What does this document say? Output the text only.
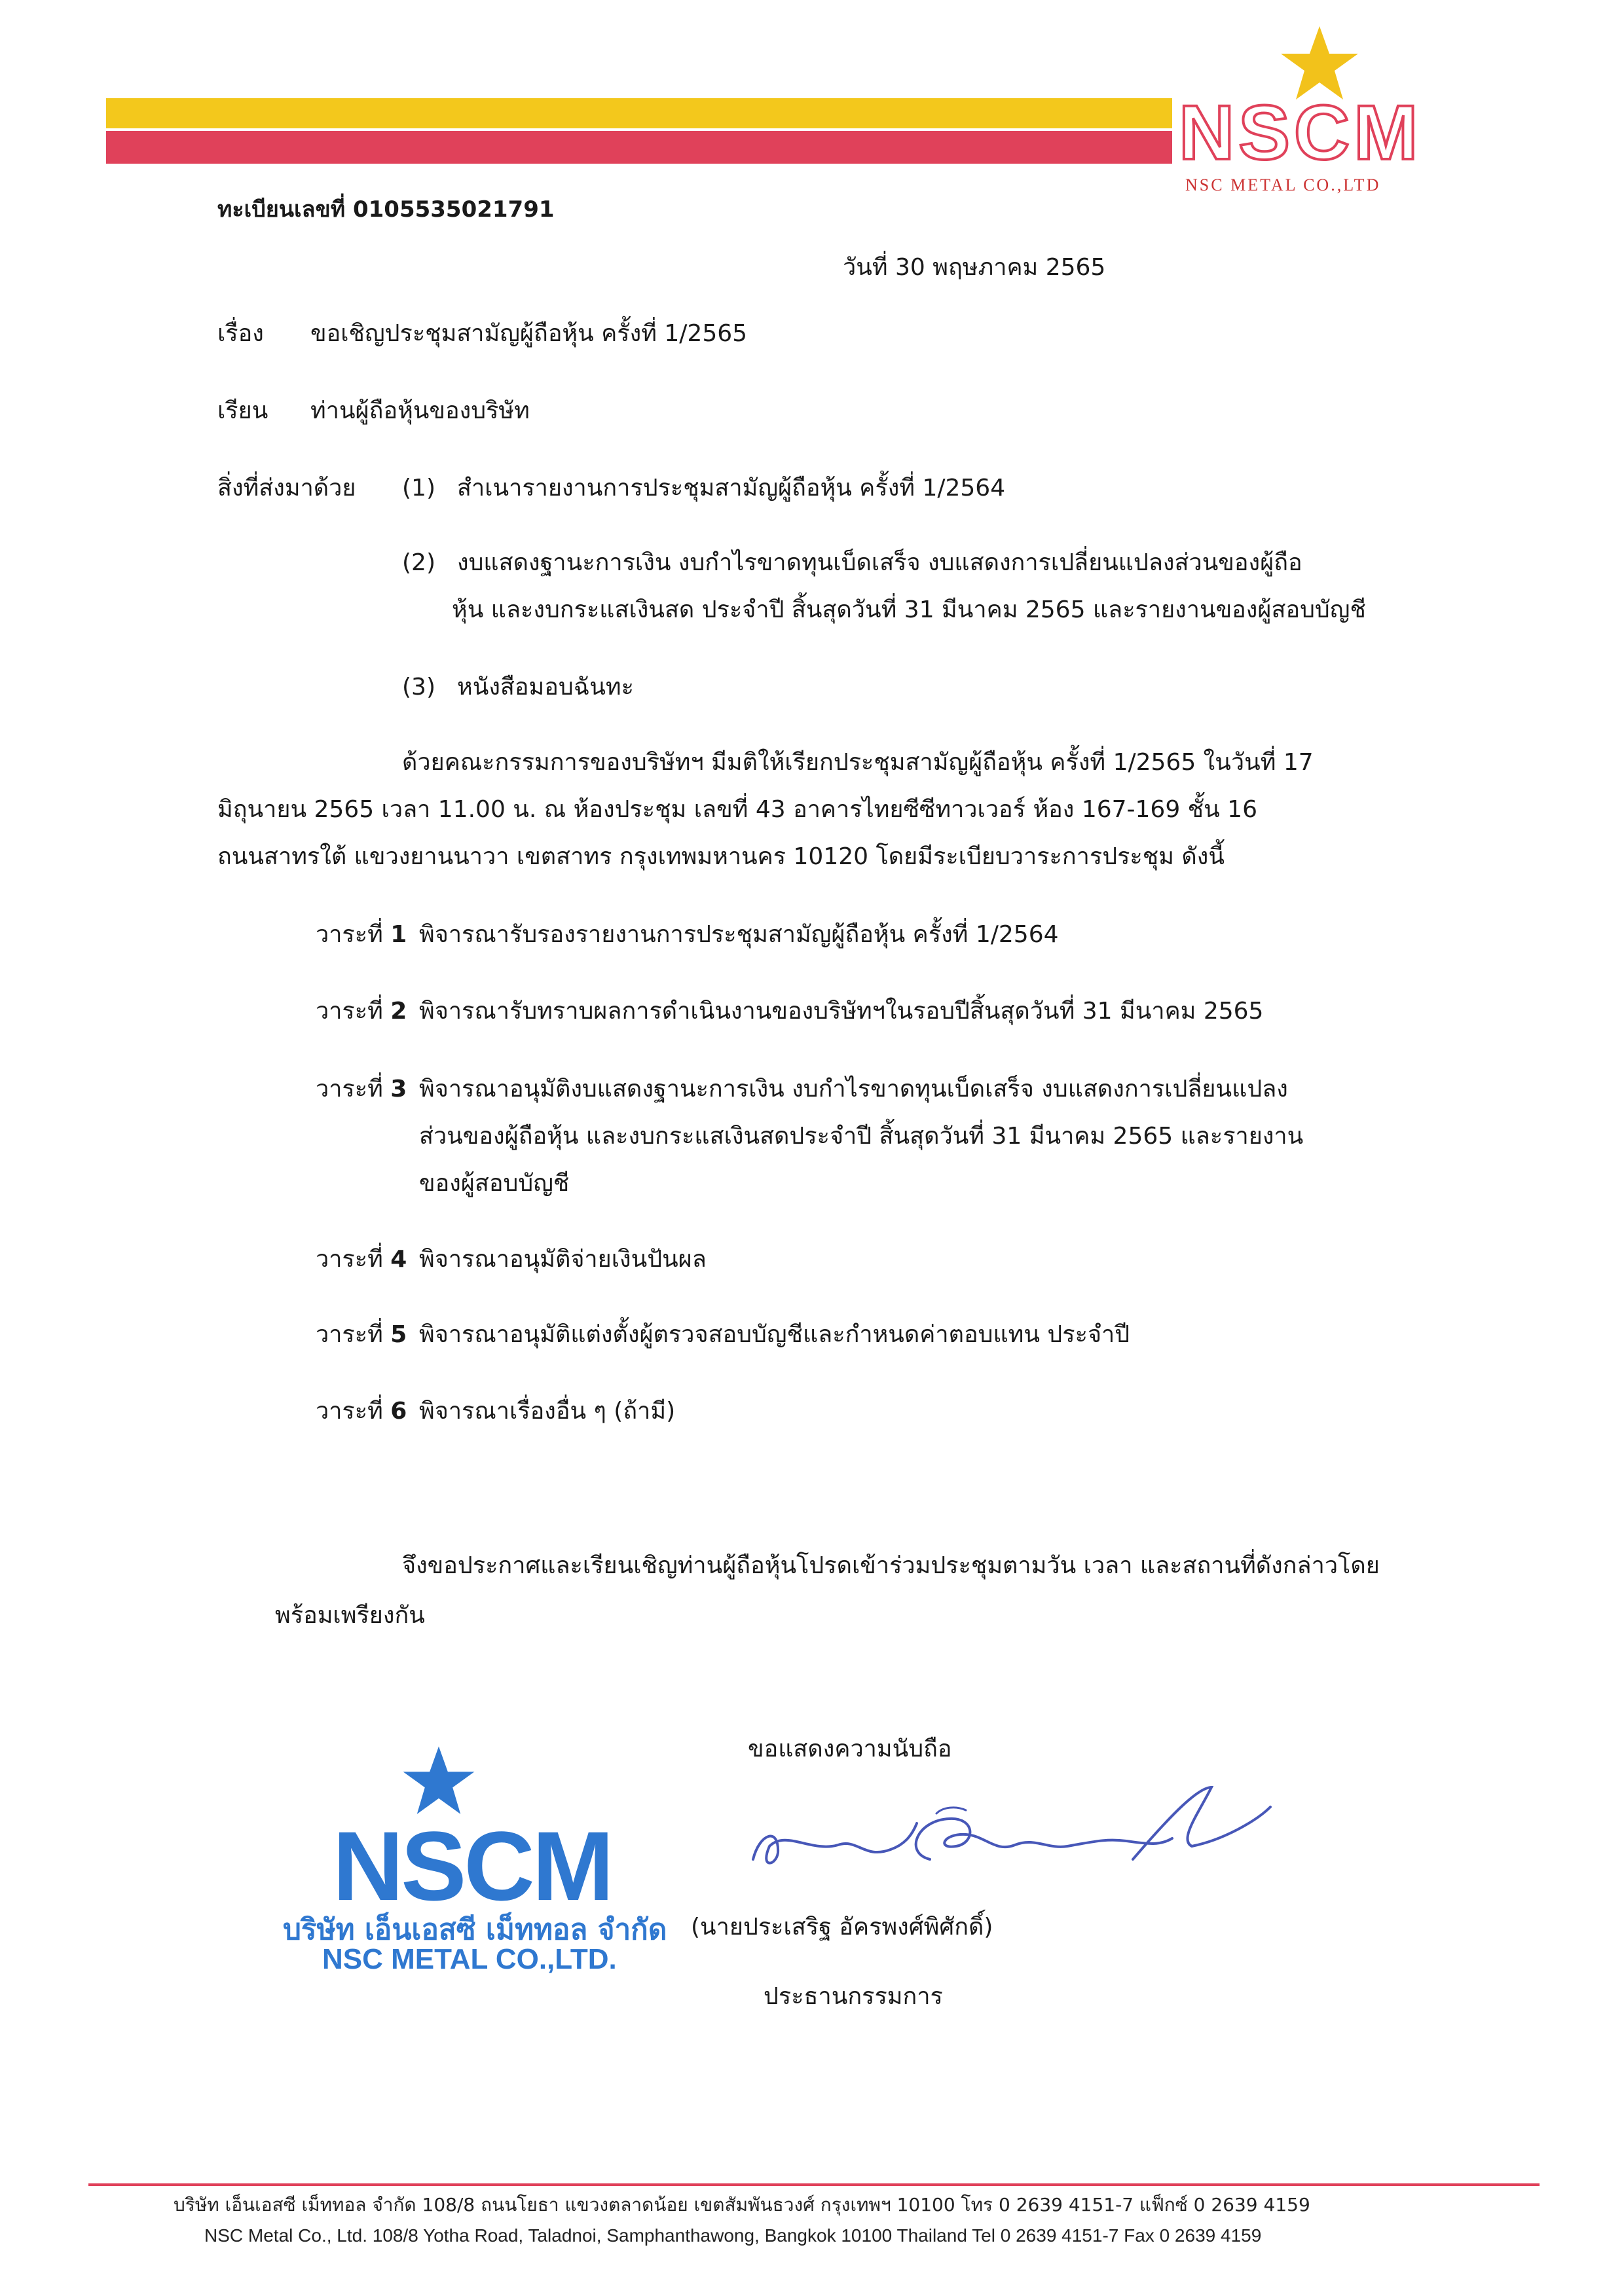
NSCM
NSC METAL CO.,LTD
ทะเบียนเลขที่ 0105535021791
วันที่ 30 พฤษภาคม 2565
เรื่อง ขอเชิญประชุมสามัญผู้ถือหุ้น ครั้งที่ 1/2565
เรียน ท่านผู้ถือหุ้นของบริษัท
สิ่งที่ส่งมาด้วย (1) สำเนารายงานการประชุมสามัญผู้ถือหุ้น ครั้งที่ 1/2564
(2) งบแสดงฐานะการเงิน งบกำไรขาดทุนเบ็ดเสร็จ งบแสดงการเปลี่ยนแปลงส่วนของผู้ถือ
หุ้น และงบกระแสเงินสด ประจำปี สิ้นสุดวันที่ 31 มีนาคม 2565 และรายงานของผู้สอบบัญชี
(3) หนังสือมอบฉันทะ
ด้วยคณะกรรมการของบริษัทฯ มีมติให้เรียกประชุมสามัญผู้ถือหุ้น ครั้งที่ 1/2565 ในวันที่ 17
มิถุนายน 2565 เวลา 11.00 น. ณ ห้องประชุม เลขที่ 43 อาคารไทยซีซีทาวเวอร์ ห้อง 167-169 ชั้น 16
ถนนสาทรใต้ แขวงยานนาวา เขตสาทร กรุงเทพมหานคร 10120 โดยมีระเบียบวาระการประชุม ดังนี้
วาระที่ 1 พิจารณารับรองรายงานการประชุมสามัญผู้ถือหุ้น ครั้งที่ 1/2564
วาระที่ 2 พิจารณารับทราบผลการดำเนินงานของบริษัทฯในรอบปีสิ้นสุดวันที่ 31 มีนาคม 2565
วาระที่ 3 พิจารณาอนุมัติงบแสดงฐานะการเงิน งบกำไรขาดทุนเบ็ดเสร็จ งบแสดงการเปลี่ยนแปลง
ส่วนของผู้ถือหุ้น และงบกระแสเงินสดประจำปี สิ้นสุดวันที่ 31 มีนาคม 2565 และรายงาน
ของผู้สอบบัญชี
วาระที่ 4 พิจารณาอนุมัติจ่ายเงินปันผล
วาระที่ 5 พิจารณาอนุมัติแต่งตั้งผู้ตรวจสอบบัญชีและกำหนดค่าตอบแทน ประจำปี
วาระที่ 6 พิจารณาเรื่องอื่น ๆ (ถ้ามี)
จึงขอประกาศและเรียนเชิญท่านผู้ถือหุ้นโปรดเข้าร่วมประชุมตามวัน เวลา และสถานที่ดังกล่าวโดย
พร้อมเพรียงกัน
ขอแสดงความนับถือ
(นายประเสริฐ อัครพงศ์พิศักดิ์)
ประธานกรรมการ
NSCM
บริษัท เอ็นเอสซี เม็ททอล จำกัด
NSC METAL CO.,LTD.
บริษัท เอ็นเอสซี เม็ททอล จำกัด 108/8 ถนนโยธา แขวงตลาดน้อย เขตสัมพันธวงศ์ กรุงเทพฯ 10100 โทร 0 2639 4151-7 แฟ็กซ์ 0 2639 4159
NSC Metal Co., Ltd. 108/8 Yotha Road, Taladnoi, Samphanthawong, Bangkok 10100 Thailand Tel 0 2639 4151-7 Fax 0 2639 4159
